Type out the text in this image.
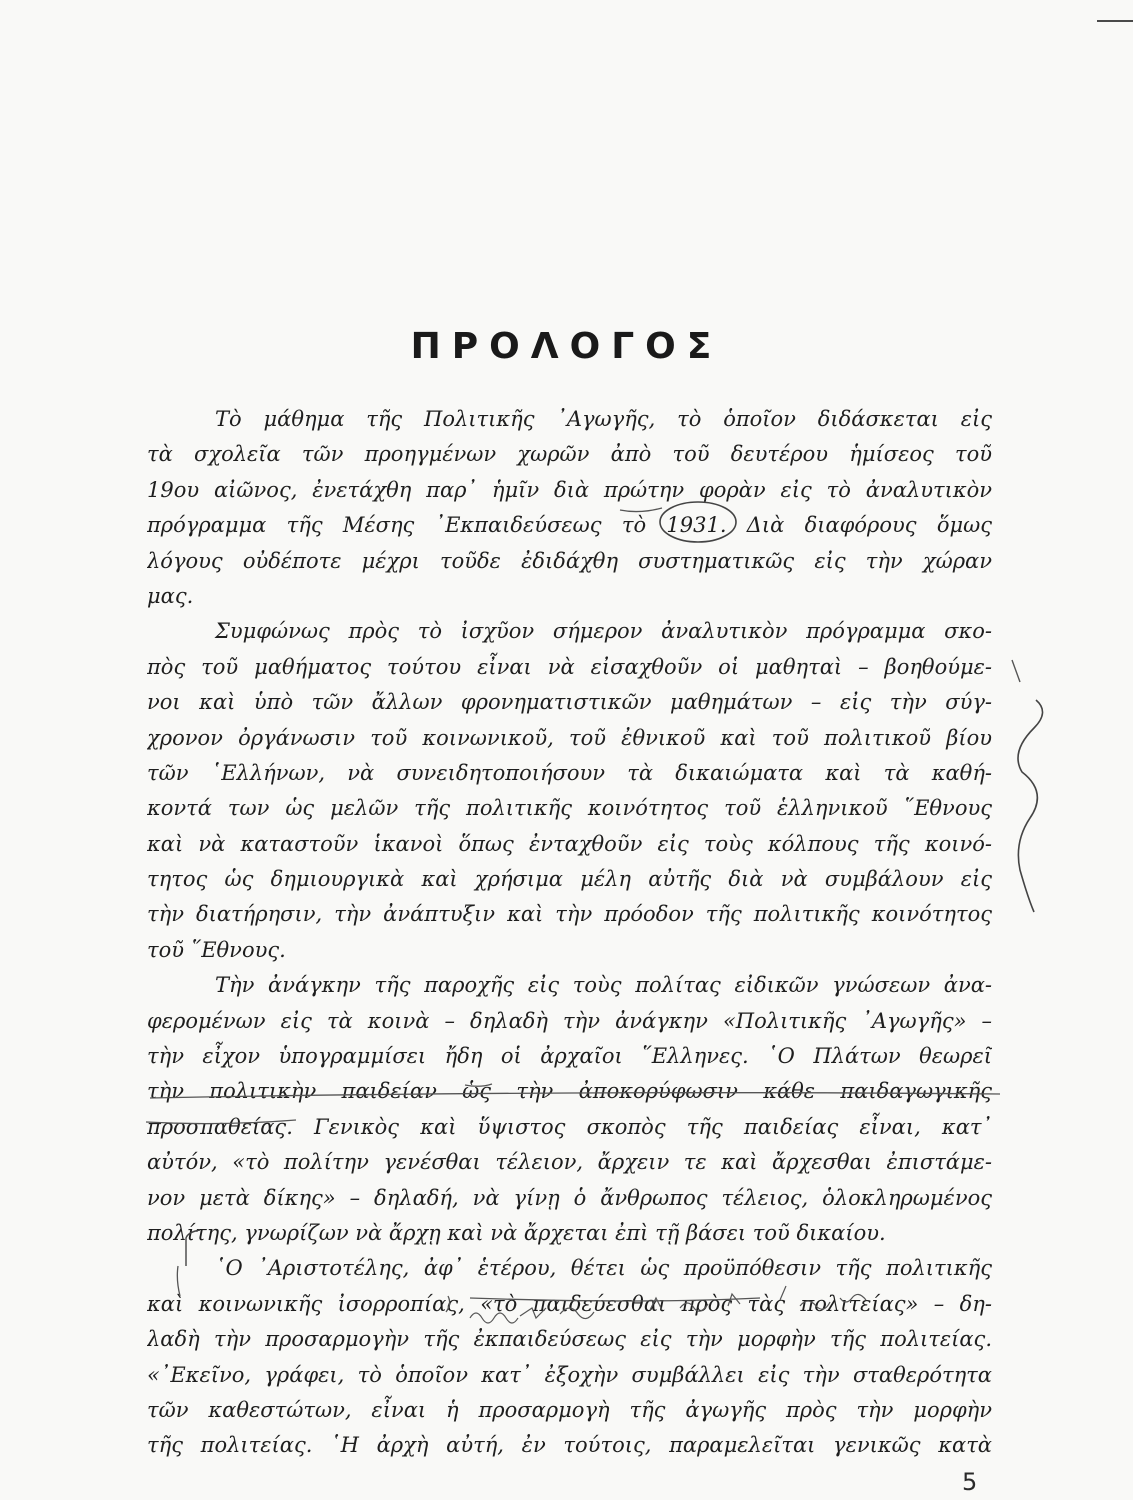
ΠΡΟΛΟΓΟΣ

Τὸ μάθημα τῆς Πολιτικῆς ᾽Αγωγῆς, τὸ ὁποῖον διδάσκεται εἰς
τὰ σχολεῖα τῶν προηγμένων χωρῶν ἀπὸ τοῦ δευτέρου ἡμίσεος τοῦ
19ου αἰῶνος, ἐνετάχθη παρ᾽ ἡμῖν διὰ πρώτην φορὰν εἰς τὸ ἀναλυτικὸν
πρόγραμμα τῆς Μέσης ᾽Εκπαιδεύσεως τὸ 1931. Διὰ διαφόρους ὅμως
λόγους οὐδέποτε μέχρι τοῦδε ἐδιδάχθη συστηματικῶς εἰς τὴν χώραν
μας.

Συμφώνως πρὸς τὸ ἰσχῦον σήμερον ἀναλυτικὸν πρόγραμμα σκο-
πὸς τοῦ μαθήματος τούτου εἶναι νὰ εἰσαχθοῦν οἱ μαθηταὶ – βοηθούμε-
νοι καὶ ὑπὸ τῶν ἄλλων φρονηματιστικῶν μαθημάτων – εἰς τὴν σύγ-
χρονον ὀργάνωσιν τοῦ κοινωνικοῦ, τοῦ ἐθνικοῦ καὶ τοῦ πολιτικοῦ βίου
τῶν ῾Ελλήνων, νὰ συνειδητοποιήσουν τὰ δικαιώματα καὶ τὰ καθή-
κοντά των ὡς μελῶν τῆς πολιτικῆς κοινότητος τοῦ ἑλληνικοῦ ῞Εθνους
καὶ νὰ καταστοῦν ἱκανοὶ ὅπως ἐνταχθοῦν εἰς τοὺς κόλπους τῆς κοινό-
τητος ὡς δημιουργικὰ καὶ χρήσιμα μέλη αὐτῆς διὰ νὰ συμβάλουν εἰς
τὴν διατήρησιν, τὴν ἀνάπτυξιν καὶ τὴν πρόοδον τῆς πολιτικῆς κοινότητος
τοῦ ῞Εθνους.

Τὴν ἀνάγκην τῆς παροχῆς εἰς τοὺς πολίτας εἰδικῶν γνώσεων ἀνα-
φερομένων εἰς τὰ κοινὰ – δηλαδὴ τὴν ἀνάγκην «Πολιτικῆς ᾽Αγωγῆς» –
τὴν εἶχον ὑπογραμμίσει ἤδη οἱ ἀρχαῖοι ῞Ελληνες. ῾Ο Πλάτων θεωρεῖ
τὴν πολιτικὴν παιδείαν ὡς τὴν ἀποκορύφωσιν κάθε παιδαγωγικῆς
προσπαθείας. Γενικὸς καὶ ὕψιστος σκοπὸς τῆς παιδείας εἶναι, κατ᾽
αὐτόν, «τὸ πολίτην γενέσθαι τέλειον, ἄρχειν τε καὶ ἄρχεσθαι ἐπιστάμε-
νον μετὰ δίκης» – δηλαδή, νὰ γίνῃ ὁ ἄνθρωπος τέλειος, ὁλοκληρωμένος
πολίτης, γνωρίζων νὰ ἄρχῃ καὶ νὰ ἄρχεται ἐπὶ τῇ βάσει τοῦ δικαίου.

῾Ο ᾽Αριστοτέλης, ἀφ᾽ ἑτέρου, θέτει ὡς προϋπόθεσιν τῆς πολιτικῆς
καὶ κοινωνικῆς ἰσορροπίας, «τὸ παιδεύεσθαι πρὸς τὰς πολιτείας» – δη-
λαδὴ τὴν προσαρμογὴν τῆς ἐκπαιδεύσεως εἰς τὴν μορφὴν τῆς πολιτείας.
«᾽Εκεῖνο, γράφει, τὸ ὁποῖον κατ᾽ ἐξοχὴν συμβάλλει εἰς τὴν σταθερότητα
τῶν καθεστώτων, εἶναι ἡ προσαρμογὴ τῆς ἀγωγῆς πρὸς τὴν μορφὴν
τῆς πολιτείας. ῾Η ἀρχὴ αὐτή, ἐν τούτοις, παραμελεῖται γενικῶς κατὰ

5
